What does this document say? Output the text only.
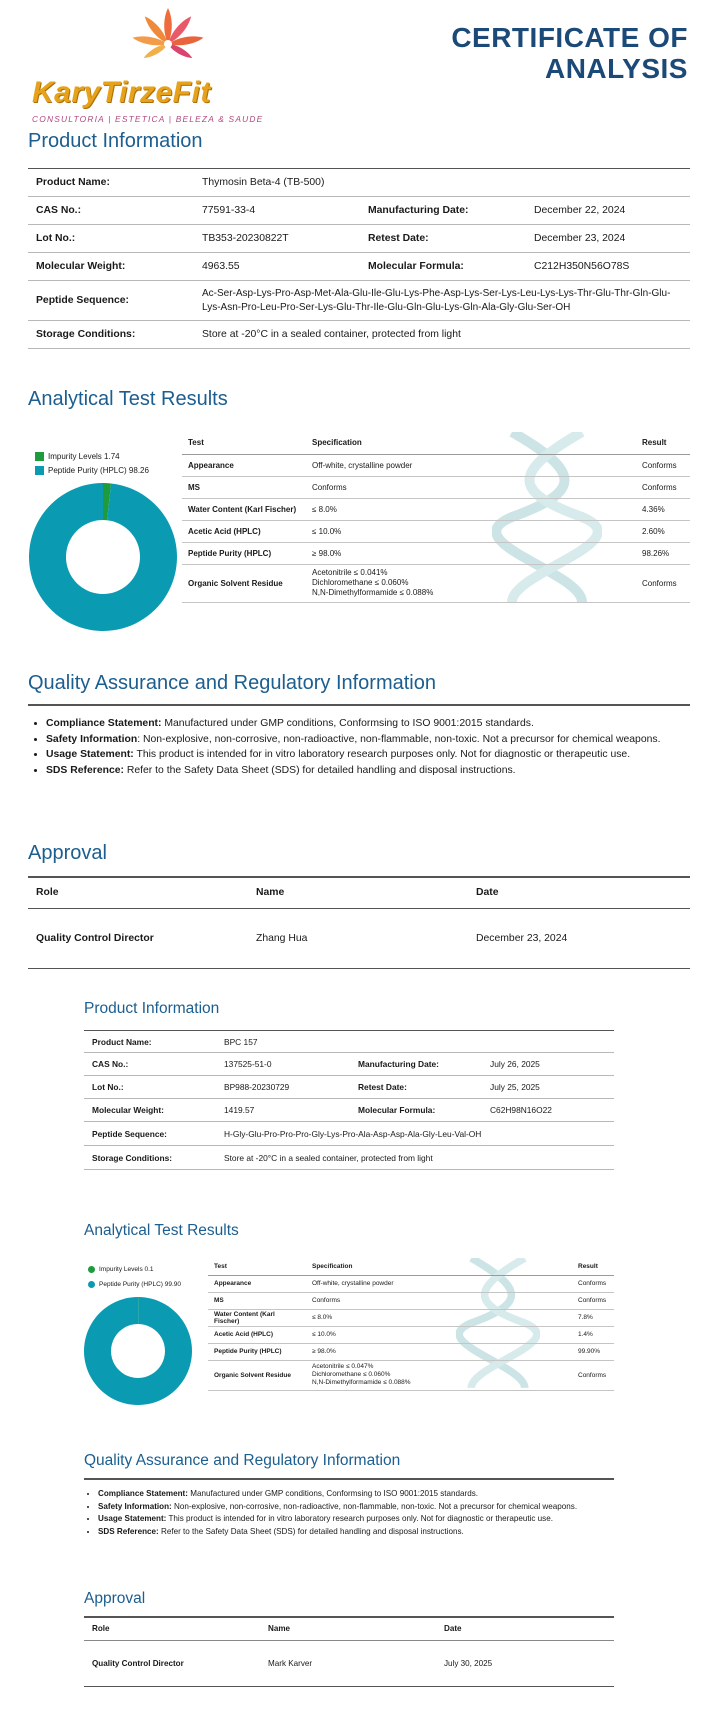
KaryTirzeFit
CONSULTORIA | ESTETICA | BELEZA & SAUDE
CERTIFICATE OF
ANALYSIS
Product Information
Product Name:	Thymosin Beta-4 (TB-500)		
CAS No.:	77591-33-4	Manufacturing Date:	December 22, 2024
Lot No.:	TB353-20230822T	Retest Date:	December 23, 2024
Molecular Weight:	4963.55	Molecular Formula:	C212H350N56O78S
Peptide Sequence:	Ac-Ser-Asp-Lys-Pro-Asp-Met-Ala-Glu-Ile-Glu-Lys-Phe-Asp-Lys-Ser-Lys-Leu-Lys-Lys-Thr-Glu-Thr-Gln-Glu-Lys-Asn-Pro-Leu-Pro-Ser-Lys-Glu-Thr-Ile-Glu-Gln-Glu-Lys-Gln-Ala-Gly-Glu-Ser-OH		
Storage Conditions:	Store at -20°C in a sealed container, protected from light		
Analytical Test Results
Impurity Levels 1.74
Peptide Purity (HPLC) 98.26
Test	Specification	Result
Appearance	Off-white, crystalline powder	Conforms
MS	Conforms	Conforms
Water Content (Karl Fischer)	≤ 8.0%	4.36%
Acetic Acid (HPLC)	≤ 10.0%	2.60%
Peptide Purity (HPLC)	≥ 98.0%	98.26%
Organic Solvent Residue	Acetonitrile ≤ 0.041%
Dichloromethane ≤ 0.060%
N,N-Dimethylformamide ≤ 0.088%	Conforms
Quality Assurance and Regulatory Information
• Compliance Statement: Manufactured under GMP conditions, Conformsing to ISO 9001:2015 standards.
• Safety Information: Non-explosive, non-corrosive, non-radioactive, non-flammable, non-toxic. Not a precursor for chemical weapons.
• Usage Statement: This product is intended for in vitro laboratory research purposes only. Not for diagnostic or therapeutic use.
• SDS Reference: Refer to the Safety Data Sheet (SDS) for detailed handling and disposal instructions.
Approval
Role	Name	Date
Quality Control Director	Zhang Hua	December 23, 2024
Product Information
Product Name:	BPC 157		
CAS No.:	137525-51-0	Manufacturing Date:	July 26, 2025
Lot No.:	BP988-20230729	Retest Date:	July 25, 2025
Molecular Weight:	1419.57	Molecular Formula:	C62H98N16O22
Peptide Sequence:	H-Gly-Glu-Pro-Pro-Pro-Gly-Lys-Pro-Ala-Asp-Asp-Ala-Gly-Leu-Val-OH		
Storage Conditions:	Store at -20°C in a sealed container, protected from light		
Analytical Test Results
Impurity Levels 0.1
Peptide Purity (HPLC) 99.90
Test	Specification	Result
Appearance	Off-white, crystalline powder	Conforms
MS	Conforms	Conforms
Water Content (Karl Fischer)	≤ 8.0%	7.8%
Acetic Acid (HPLC)	≤ 10.0%	1.4%
Peptide Purity (HPLC)	≥ 98.0%	99.90%
Organic Solvent Residue	Acetonitrile ≤ 0.047%
Dichloromethane ≤ 0.060%
N,N-Dimethylformamide ≤ 0.088%	Conforms
Quality Assurance and Regulatory Information
• Compliance Statement: Manufactured under GMP conditions, Conformsing to ISO 9001:2015 standards.
• Safety Information: Non-explosive, non-corrosive, non-radioactive, non-flammable, non-toxic. Not a precursor for chemical weapons.
• Usage Statement: This product is intended for in vitro laboratory research purposes only. Not for diagnostic or therapeutic use.
• SDS Reference: Refer to the Safety Data Sheet (SDS) for detailed handling and disposal instructions.
Approval
Role	Name	Date
Quality Control Director	Mark Karver	July 30, 2025
